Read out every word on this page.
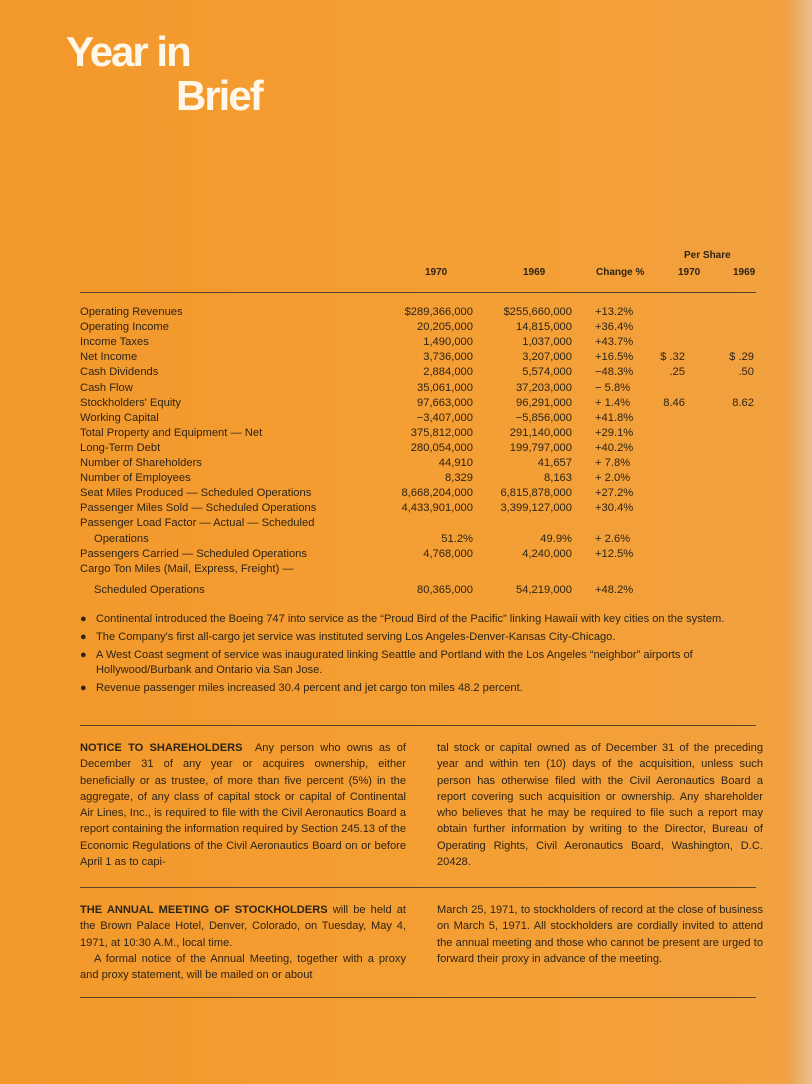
Year in
Brief
Per Share
1970	1969	Change %	1970	1969
Operating Revenues	$289,366,000	$255,660,000 +13.2%
Operating Income	20,205,000	14,815,000 +36.4%
Income Taxes	1,490,000	1,037,000 +43.7%
Net Income	3,736,000	3,207,000 +16.5% $ .32	$ .29
Cash Dividends	2,884,000	5,574,000 −48.3%	.25	.50
Cash Flow	35,061,000	37,203,000 − 5.8%
Stockholders' Equity	97,663,000	96,291,000 + 1.4%	8.46	8.62
Working Capital	−3,407,000	−5,856,000 +41.8%
Total Property and Equipment — Net	375,812,000	291,140,000 +29.1%
Long-Term Debt	280,054,000	199,797,000 +40.2%
Number of Shareholders	44,910	41,657 + 7.8%
Number of Employees	8,329	8,163 + 2.0%
Seat Miles Produced — Scheduled Operations	8,668,204,000 6,815,878,000 +27.2%
Passenger Miles Sold — Scheduled Operations	4,433,901,000 3,399,127,000 +30.4%
Passenger Load Factor — Actual — Scheduled
Operations	51.2%	49.9% + 2.6%
Passengers Carried — Scheduled Operations	4,768,000	4,240,000 +12.5%
Cargo Ton Miles (Mail, Express, Freight) —
Scheduled Operations	80,365,000	54,219,000 +48.2%
● Continental introduced the Boeing 747 into service as the “Proud Bird of the Pacific” linking Hawaii with key cities on the system.
● The Company's first all-cargo jet service was instituted serving Los Angeles-Denver-Kansas City-Chicago.
● A West Coast segment of service was inaugurated linking Seattle and Portland with the Los Angeles “neighbor” airports of Hollywood/Burbank and Ontario via San Jose.
● Revenue passenger miles increased 30.4 percent and jet cargo ton miles 48.2 percent.

NOTICE TO SHAREHOLDERS Any person who owns as of December 31 of any year or acquires ownership, either beneficially or as trustee, of more than five percent (5%) in the aggregate, of any class of capital stock or capital of Continental Air Lines, Inc., is required to file with the Civil Aeronautics Board a report containing the information required by Section 245.13 of the Economic Regulations of the Civil Aeronautics Board on or before April 1 as to capi-

tal stock or capital owned as of December 31 of the preceding year and within ten (10) days of the acquisition, unless such person has otherwise filed with the Civil Aeronautics Board a report covering such acquisition or ownership. Any shareholder who believes that he may be required to file such a report may obtain further information by writing to the Director, Bureau of Operating Rights, Civil Aeronautics Board, Washington, D.C. 20428.

THE ANNUAL MEETING OF STOCKHOLDERS will be held at the Brown Palace Hotel, Denver, Colorado, on Tuesday, May 4, 1971, at 10:30 A.M., local time.

A formal notice of the Annual Meeting, together with a proxy and proxy statement, will be mailed on or about

March 25, 1971, to stockholders of record at the close of business on March 5, 1971. All stockholders are cordially invited to attend the annual meeting and those who cannot be present are urged to forward their proxy in advance of the meeting.
